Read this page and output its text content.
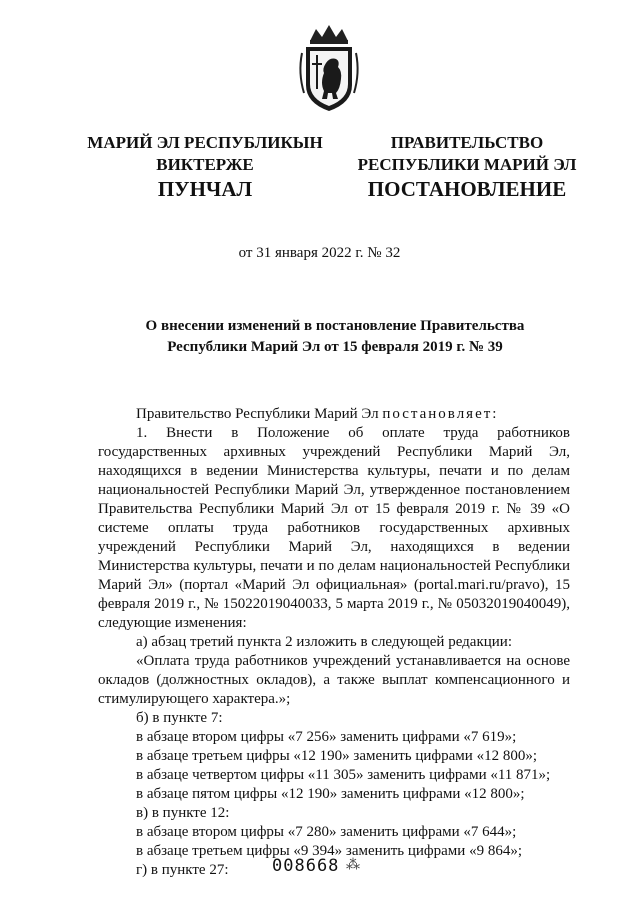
МАРИЙ ЭЛ РЕСПУБЛИКЫН
ВИКТЕРЖЕ
ПРАВИТЕЛЬСТВО
РЕСПУБЛИКИ МАРИЙ ЭЛ
ПУНЧАЛ	ПОСТАНОВЛЕНИЕ
от 31 января 2022 г. № 32
О внесении изменений в постановление Правительства
Республики Марий Эл от 15 февраля 2019 г. № 39

Правительство Республики Марий Эл постановляет:

1. Внести в Положение об оплате труда работников государственных архивных учреждений Республики Марий Эл, находящихся в ведении Министерства культуры, печати и по делам национальностей Республики Марий Эл, утвержденное постановлением Правительства Республики Марий Эл от 15 февраля 2019 г. № 39 «О системе оплаты труда работников государственных архивных учреждений Республики Марий Эл, находящихся в ведении Министерства культуры, печати и по делам национальностей Республики Марий Эл» (портал «Марий Эл официальная» (portal.mari.ru/pravo), 15 февраля 2019 г., № 15022019040033, 5 марта 2019 г., № 05032019040049), следующие изменения:

а) абзац третий пункта 2 изложить в следующей редакции:

«Оплата труда работников учреждений устанавливается на основе окладов (должностных окладов), а также выплат компенсационного и стимулирующего характера.»;

б) в пункте 7:

в абзаце втором цифры «7 256» заменить цифрами «7 619»;

в абзаце третьем цифры «12 190» заменить цифрами «12 800»;

в абзаце четвертом цифры «11 305» заменить цифрами «11 871»;

в абзаце пятом цифры «12 190» заменить цифрами «12 800»;

в) в пункте 12:

в абзаце втором цифры «7 280» заменить цифрами «7 644»;

в абзаце третьем цифры «9 394» заменить цифрами «9 864»;

г) в пункте 27:	008668 ⁂
